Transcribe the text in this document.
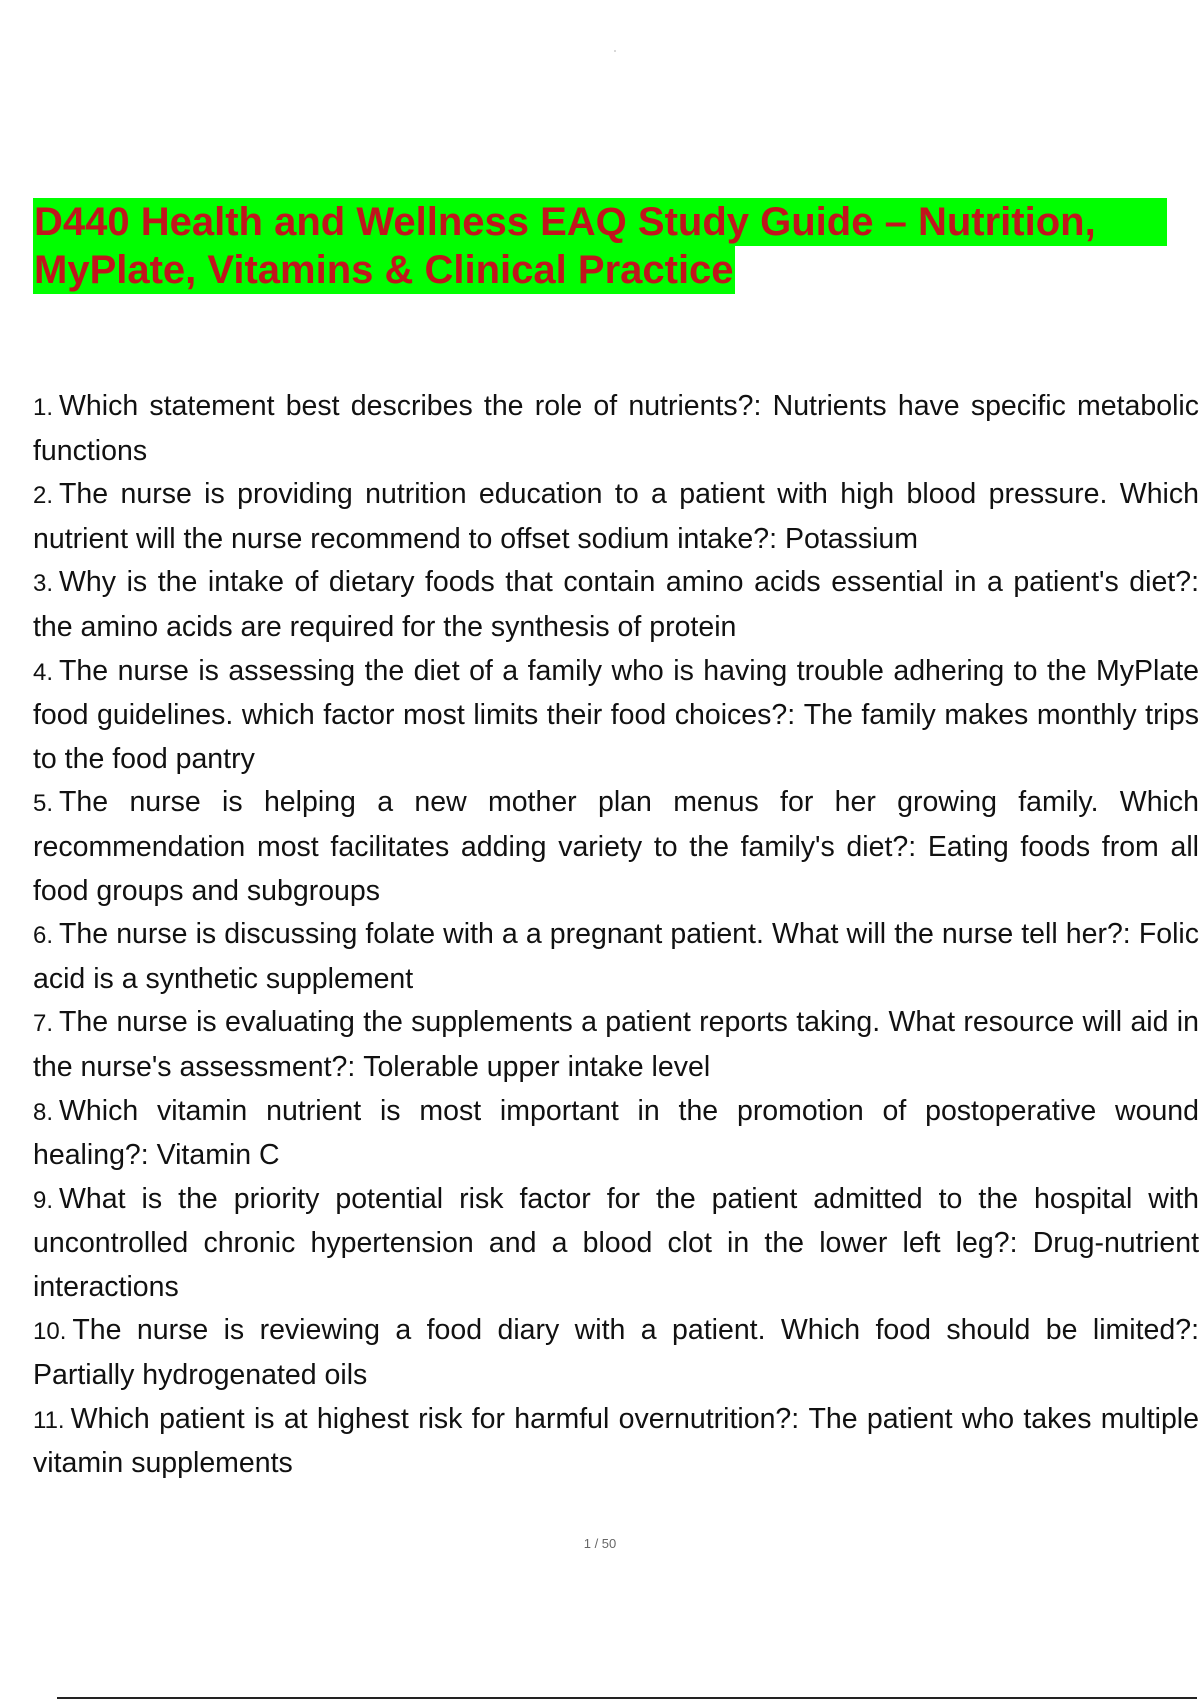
D440 Health and Wellness EAQ Study Guide – Nutrition,
MyPlate, Vitamins & Clinical Practice

1. Which statement best describes the role of nutrients?: Nutrients have specific metabolic functions

2. The nurse is providing nutrition education to a patient with high blood pressure. Which nutrient will the nurse recommend to offset sodium intake?: Potassium

3. Why is the intake of dietary foods that contain amino acids essential in a patient's diet?: the amino acids are required for the synthesis of protein

4. The nurse is assessing the diet of a family who is having trouble adhering to the MyPlate food guidelines. which factor most limits their food choices?: The family makes monthly trips to the food pantry

5. The nurse is helping a new mother plan menus for her growing family. Which recommendation most facilitates adding variety to the family's diet?: Eating foods from all food groups and subgroups

6. The nurse is discussing folate with a a pregnant patient. What will the nurse tell her?: Folic acid is a synthetic supplement

7. The nurse is evaluating the supplements a patient reports taking. What resource will aid in the nurse's assessment?: Tolerable upper intake level

8. Which vitamin nutrient is most important in the promotion of postoperative wound healing?: Vitamin C

9. What is the priority potential risk factor for the patient admitted to the hospital with uncontrolled chronic hypertension and a blood clot in the lower left leg?: Drug-nutrient interactions

10. The nurse is reviewing a food diary with a patient. Which food should be limited?: Partially hydrogenated oils

11. Which patient is at highest risk for harmful overnutrition?: The patient who takes multiple vitamin supplements

1 / 50
